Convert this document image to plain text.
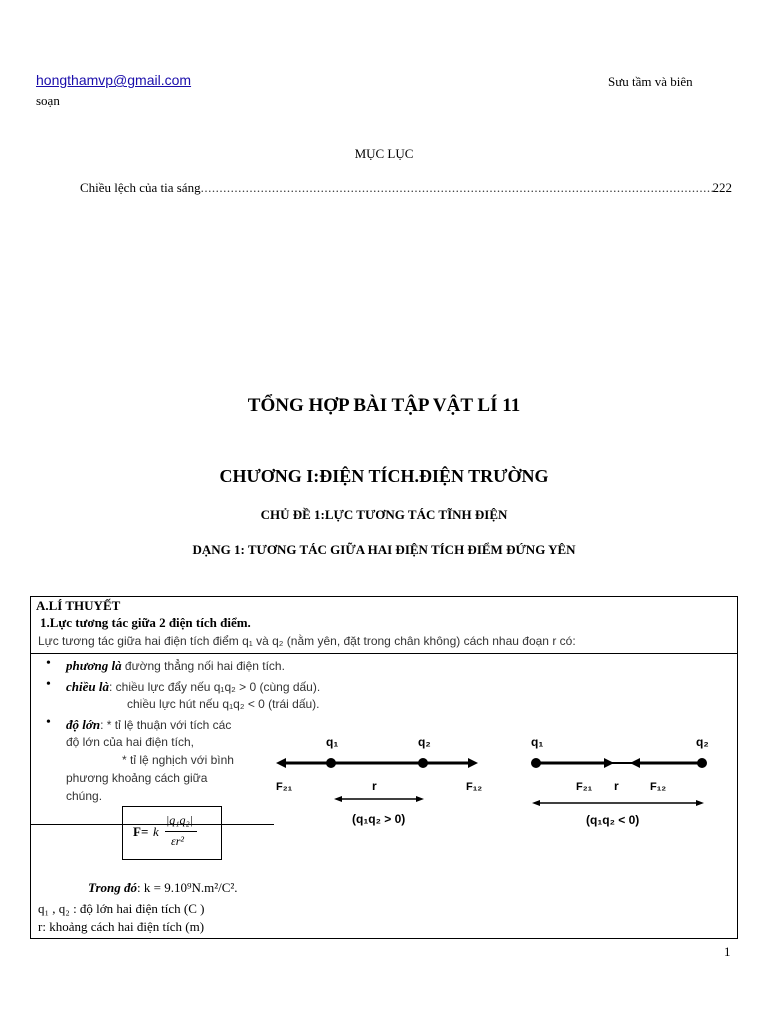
hongthamvp@gmail.com	Sưu tầm và biên
soạn
MỤC LỤC
Chiều lệch của tia sáng
.....	222
TỔNG HỢP BÀI TẬP VẬT LÍ 11
CHƯƠNG I:ĐIỆN TÍCH.ĐIỆN TRƯỜNG
CHỦ ĐỀ 1:LỰC TƯƠNG TÁC TĨNH ĐIỆN
DẠNG 1: TƯƠNG TÁC GIỮA HAI ĐIỆN TÍCH ĐIỂM ĐỨNG YÊN
A.LÍ THUYẾT
1.Lực tương tác giữa 2 điện tích điểm.
Lực tương tác giữa hai điện tích điểm q₁ và q₂ (nằm yên, đặt trong chân không) cách nhau đoạn r có:
• phương là đường thẳng nối hai điện tích.
• chiều là: chiều lực đẩy nếu q₁q₂ > 0 (cùng dấu).
chiều lực hút nếu q₁q₂ < 0 (trái dấu).
• độ lớn: * tỉ lệ thuận với tích các
độ lớn của hai điện tích,
* tỉ lệ nghịch với bình
phương khoảng cách giữa
chúng.
F= k
|q₁q₂|
εr²
Trong đó: k = 9.10⁹N.m²/C².
q₁ , q₂ : độ lớn hai điện tích (C )
r: khoảng cách hai điện tích (m)
q₁	q₂
F₂₁	F₁₂
r
(q₁q₂ > 0)
q₁	q₂
F₂₁	F₁₂
r
(q₁q₂ < 0)
1
